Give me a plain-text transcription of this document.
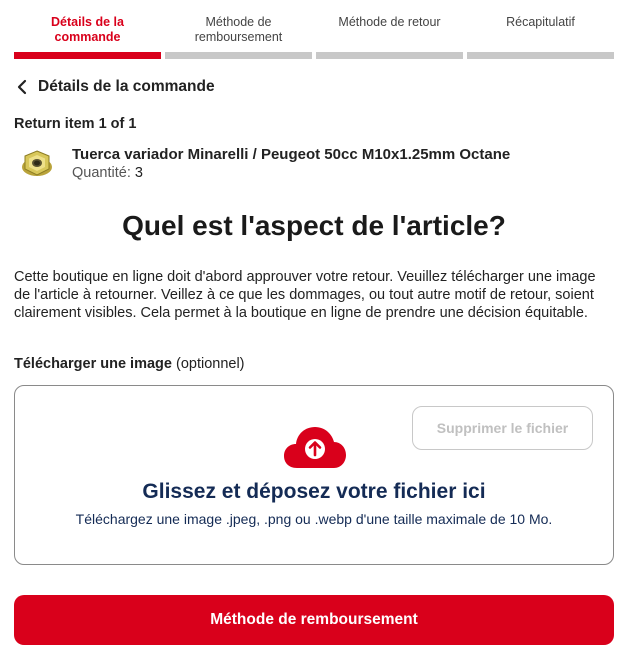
Détails de la commande
Méthode de remboursement
Méthode de retour	Récapitulatif
Détails de la commande
Return item 1 of 1
Tuerca variador Minarelli / Peugeot 50cc M10x1.25mm Octane
Quantité: 3
Quel est l'aspect de l'article?

Cette boutique en ligne doit d'abord approuver votre retour. Veuillez télécharger une image de l'article à retourner. Veillez à ce que les dommages, ou tout autre motif de retour, soient clairement visibles. Cela permet à la boutique en ligne de prendre une décision équitable.

Télécharger une image (optionnel)
Supprimer le fichier
Glissez et déposez votre fichier ici
Téléchargez une image .jpeg, .png ou .webp d'une taille maximale de 10 Mo.
Méthode de remboursement
